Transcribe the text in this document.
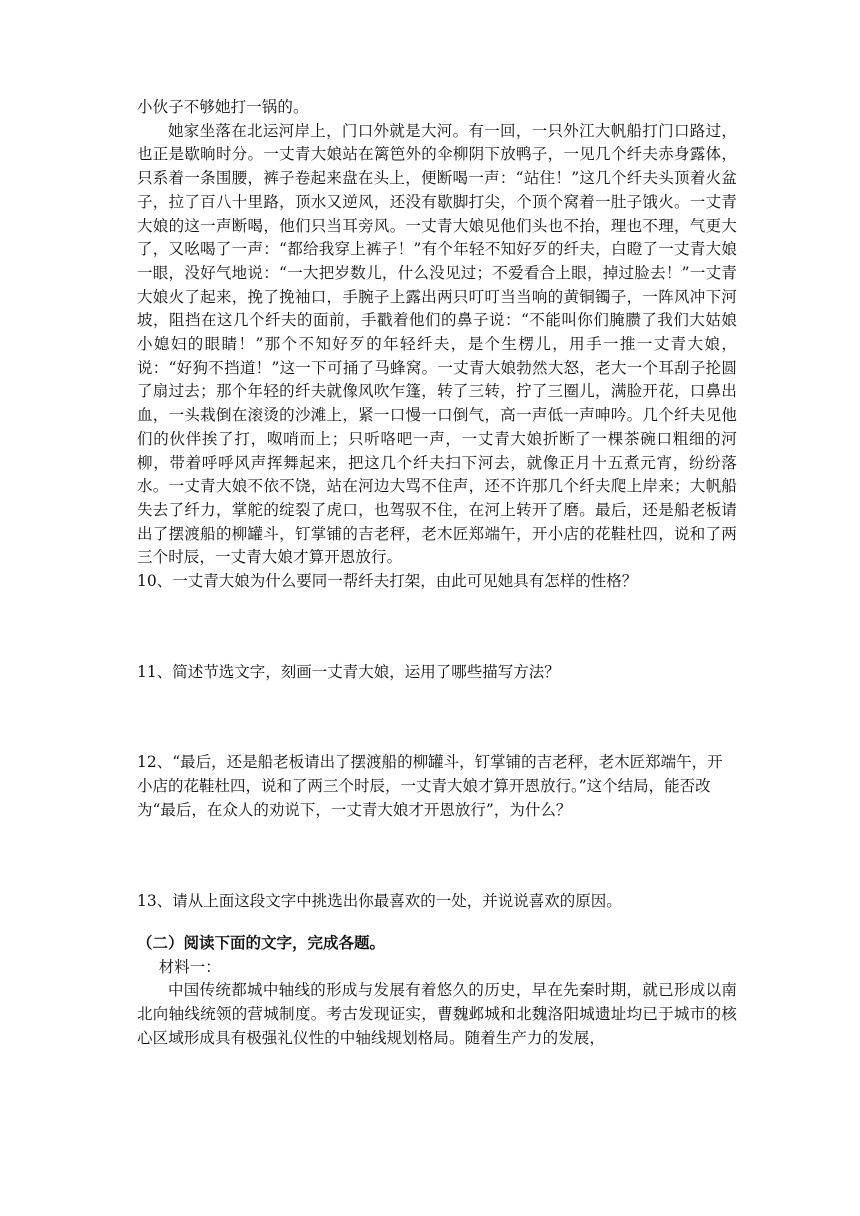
小伙子不够她打一锅的。

她家坐落在北运河岸上，门口外就是大河。有一回，一只外江大帆船打门口路过，也正是歇晌时分。一丈青大娘站在篱笆外的伞柳阴下放鸭子，一见几个纤夫赤身露体，只系着一条围腰，裤子卷起来盘在头上，便断喝一声：“站住！”这几个纤夫头顶着火盆子，拉了百八十里路，顶水又逆风，还没有歇脚打尖，个顶个窝着一肚子饿火。一丈青大娘的这一声断喝，他们只当耳旁风。一丈青大娘见他们头也不抬，理也不理，气更大了，又吆喝了一声：“都给我穿上裤子！”有个年轻不知好歹的纤夫，白瞪了一丈青大娘一眼，没好气地说：“一大把岁数儿，什么没见过；不爱看合上眼，掉过脸去！”一丈青大娘火了起来，挽了挽袖口，手腕子上露出两只叮叮当当响的黄铜镯子，一阵风冲下河坡，阻挡在这几个纤夫的面前，手戳着他们的鼻子说：“不能叫你们腌臜了我们大姑娘小媳妇的眼睛！”那个不知好歹的年轻纤夫，是个生楞儿，用手一推一丈青大娘，说：“好狗不挡道！”这一下可捅了马蜂窝。一丈青大娘勃然大怒，老大一个耳刮子抡圆了扇过去；那个年轻的纤夫就像风吹乍篷，转了三转，拧了三圈儿，满脸开花，口鼻出血，一头栽倒在滚烫的沙滩上，紧一口慢一口倒气，高一声低一声呻吟。几个纤夫见他们的伙伴挨了打，呶哨而上；只听咯吧一声，一丈青大娘折断了一棵茶碗口粗细的河柳，带着呼呼风声挥舞起来，把这几个纤夫扫下河去，就像正月十五煮元宵，纷纷落水。一丈青大娘不依不饶，站在河边大骂不住声，还不许那几个纤夫爬上岸来；大帆船失去了纤力，掌舵的绽裂了虎口，也驾驭不住，在河上转开了磨。最后，还是船老板请出了摆渡船的柳罐斗，钉掌铺的吉老秤，老木匠郑端午，开小店的花鞋杜四，说和了两三个时辰，一丈青大娘才算开恩放行。

10、一丈青大娘为什么要同一帮纤夫打架，由此可见她具有怎样的性格？

11、简述节选文字，刻画一丈青大娘，运用了哪些描写方法？

12、“最后，还是船老板请出了摆渡船的柳罐斗，钉掌铺的吉老秤，老木匠郑端午，开小店的花鞋杜四，说和了两三个时辰，一丈青大娘才算开恩放行。”这个结局，能否改为“最后，在众人的劝说下，一丈青大娘才开恩放行”，为什么？

13、请从上面这段文字中挑选出你最喜欢的一处，并说说喜欢的原因。

（二）阅读下面的文字，完成各题。

材料一：

中国传统都城中轴线的形成与发展有着悠久的历史，早在先秦时期，就已形成以南北向轴线统领的营城制度。考古发现证实，曹魏邺城和北魏洛阳城遗址均已于城市的核心区域形成具有极强礼仪性的中轴线规划格局。随着生产力的发展，
